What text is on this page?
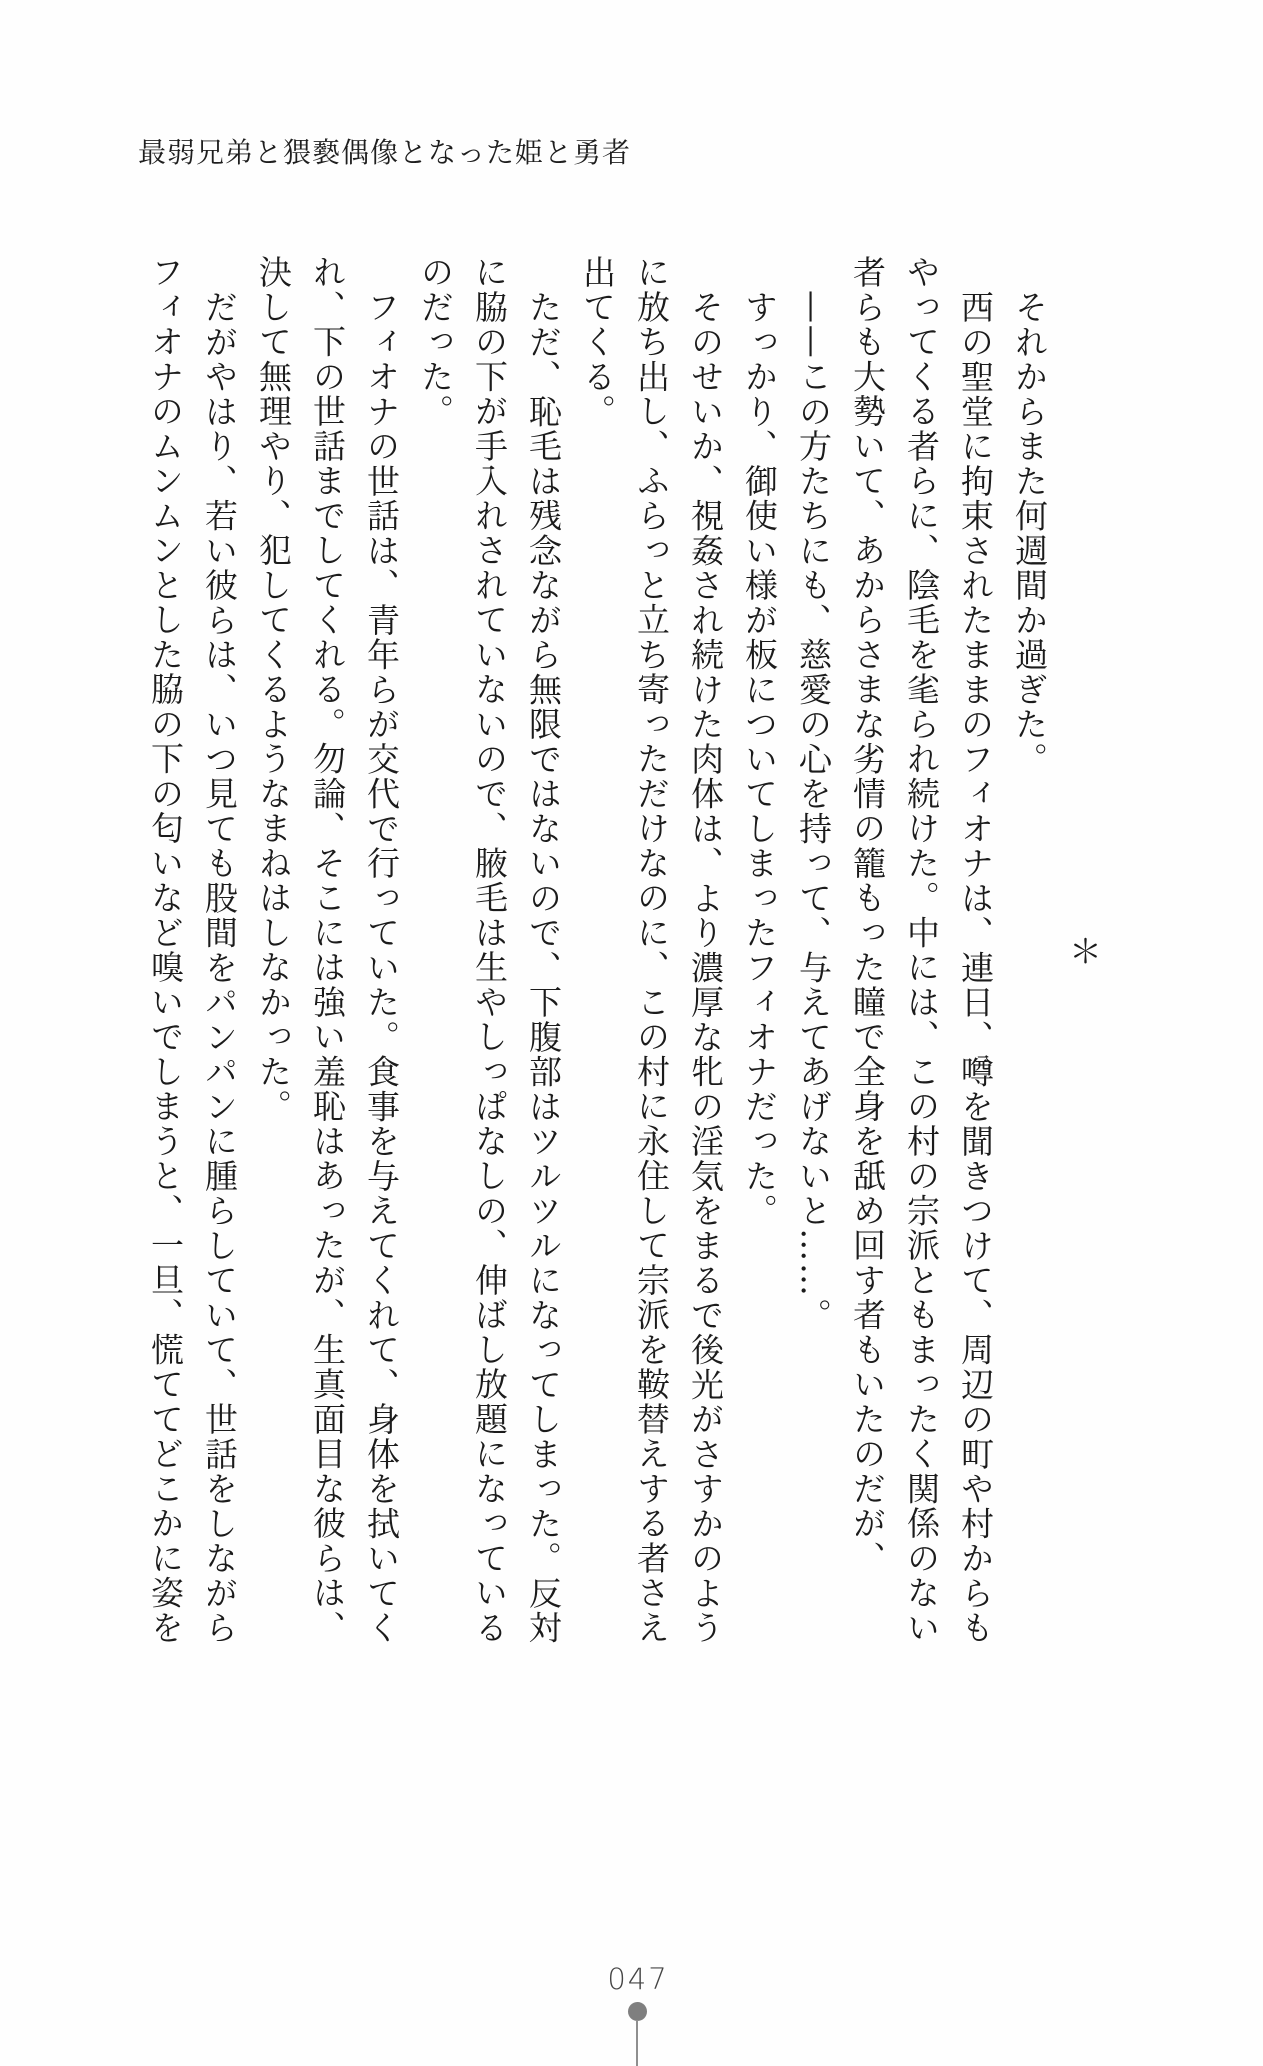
最弱兄弟と猥褻偶像となった姫と勇者
＊

それからまた何週間か過ぎた。

西の聖堂に拘束されたままのフィオナは、連日、噂を聞きつけて、周辺の町や村からも

やってくる者らに、陰毛を毟られ続けた。中には、この村の宗派ともまったく関係のない

者らも大勢いて、あからさまな劣情の籠もった瞳で全身を舐め回す者もいたのだが、

——この方たちにも、慈愛の心を持って、与えてあげないと……。

すっかり、御使い様が板についてしまったフィオナだった。

そのせいか、視姦され続けた肉体は、より濃厚な牝の淫気をまるで後光がさすかのよう

に放ち出し、ふらっと立ち寄っただけなのに、この村に永住して宗派を鞍替えする者さえ

出てくる。

ただ、恥毛は残念ながら無限ではないので、下腹部はツルツルになってしまった。反対

に脇の下が手入れされていないので、腋毛は生やしっぱなしの、伸ばし放題になっている

のだった。

フィオナの世話は、青年らが交代で行っていた。食事を与えてくれて、身体を拭いてく

れ、下の世話までしてくれる。勿論、そこには強い羞恥はあったが、生真面目な彼らは、

決して無理やり、犯してくるようなまねはしなかった。

だがやはり、若い彼らは、いつ見ても股間をパンパンに腫らしていて、世話をしながら

フィオナのムンムンとした脇の下の匂いなど嗅いでしまうと、一旦、慌ててどこかに姿を

047
